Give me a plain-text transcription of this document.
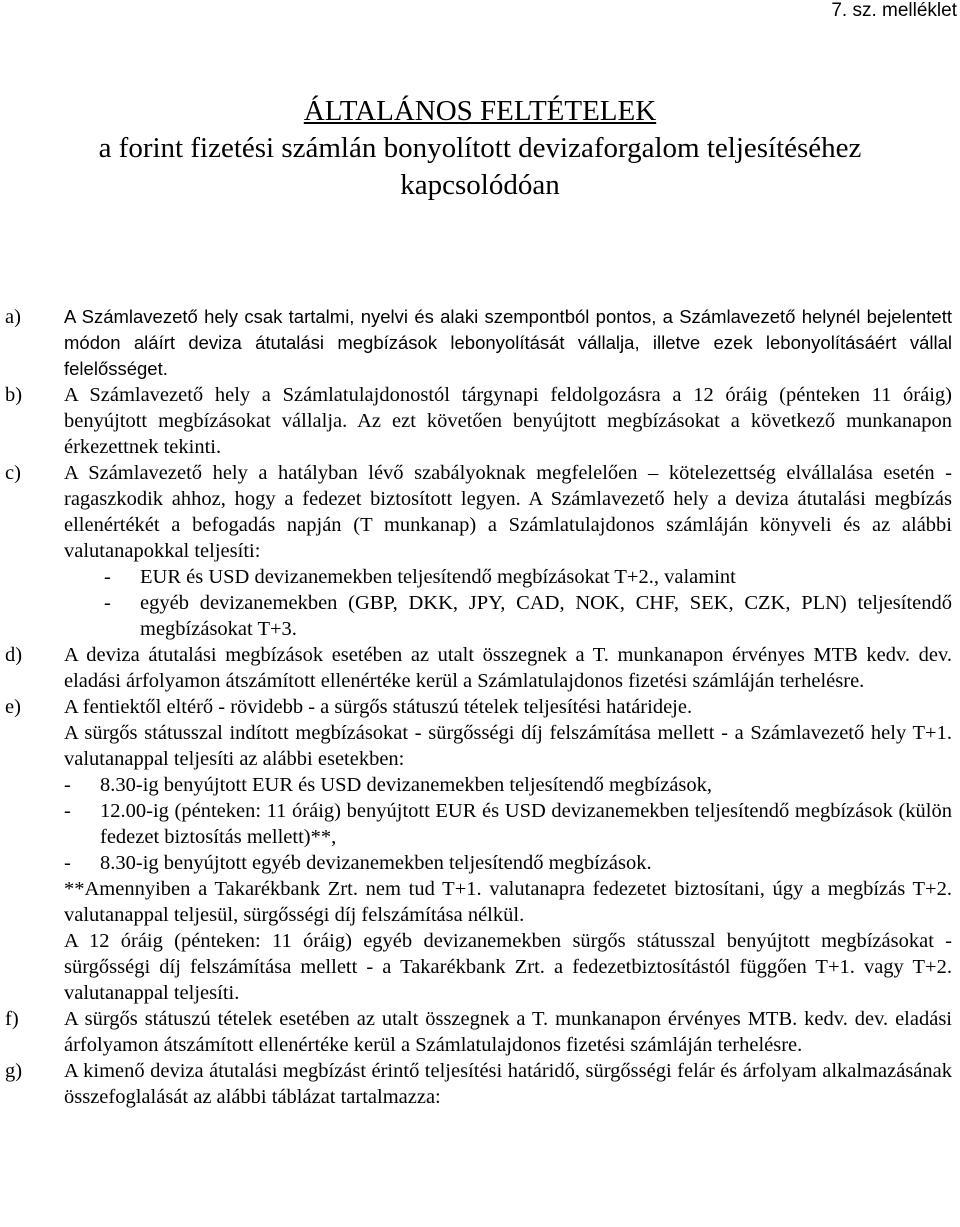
7. sz. melléklet
ÁLTALÁNOS FELTÉTELEK
a forint fizetési számlán bonyolított devizaforgalom teljesítéséhez
kapcsolódóan
a)	A Számlavezető hely csak tartalmi, nyelvi és alaki szempontból pontos, a Számlavezető helynél bejelentett módon aláírt deviza átutalási megbízások lebonyolítását vállalja, illetve ezek lebonyolításáért vállal felelősséget.
b)	A Számlavezető hely a Számlatulajdonostól tárgynapi feldolgozásra a 12 óráig (pénteken 11 óráig) benyújtott megbízásokat vállalja. Az ezt követően benyújtott megbízásokat a következő munkanapon érkezettnek tekinti.
c)	A Számlavezető hely a hatályban lévő szabályoknak megfelelően – kötelezettség elvállalása esetén - ragaszkodik ahhoz, hogy a fedezet biztosított legyen. A Számlavezető hely a deviza átutalási megbízás ellenértékét a befogadás napján (T munkanap) a Számlatulajdonos számláján könyveli és az alábbi valutanapokkal teljesíti:

-	EUR és USD devizanemekben teljesítendő megbízásokat T+2., valamint
-	egyéb devizanemekben (GBP, DKK, JPY, CAD, NOK, CHF, SEK, CZK, PLN) teljesítendő megbízásokat T+3.
d)	A deviza átutalási megbízások esetében az utalt összegnek a T. munkanapon érvényes MTB kedv. dev. eladási árfolyamon átszámított ellenértéke kerül a Számlatulajdonos fizetési számláján terhelésre.
e)	A fentiektől eltérő - rövidebb - a sürgős státuszú tételek teljesítési határideje.

A sürgős státusszal indított megbízásokat - sürgősségi díj felszámítása mellett - a Számlavezető hely T+1. valutanappal teljesíti az alábbi esetekben:

-	8.30-ig benyújtott EUR és USD devizanemekben teljesítendő megbízások,
-	12.00-ig (pénteken: 11 óráig) benyújtott EUR és USD devizanemekben teljesítendő megbízások (külön fedezet biztosítás mellett)**,
-	8.30-ig benyújtott egyéb devizanemekben teljesítendő megbízások.

**Amennyiben a Takarékbank Zrt. nem tud T+1. valutanapra fedezetet biztosítani, úgy a megbízás T+2. valutanappal teljesül, sürgősségi díj felszámítása nélkül.

A 12 óráig (pénteken: 11 óráig) egyéb devizanemekben sürgős státusszal benyújtott megbízásokat - sürgősségi díj felszámítása mellett - a Takarékbank Zrt. a fedezetbiztosítástól függően T+1. vagy T+2. valutanappal teljesíti.

f)	A sürgős státuszú tételek esetében az utalt összegnek a T. munkanapon érvényes MTB. kedv. dev. eladási árfolyamon átszámított ellenértéke kerül a Számlatulajdonos fizetési számláján terhelésre.
g)	A kimenő deviza átutalási megbízást érintő teljesítési határidő, sürgősségi felár és árfolyam alkalmazásának összefoglalását az alábbi táblázat tartalmazza:
